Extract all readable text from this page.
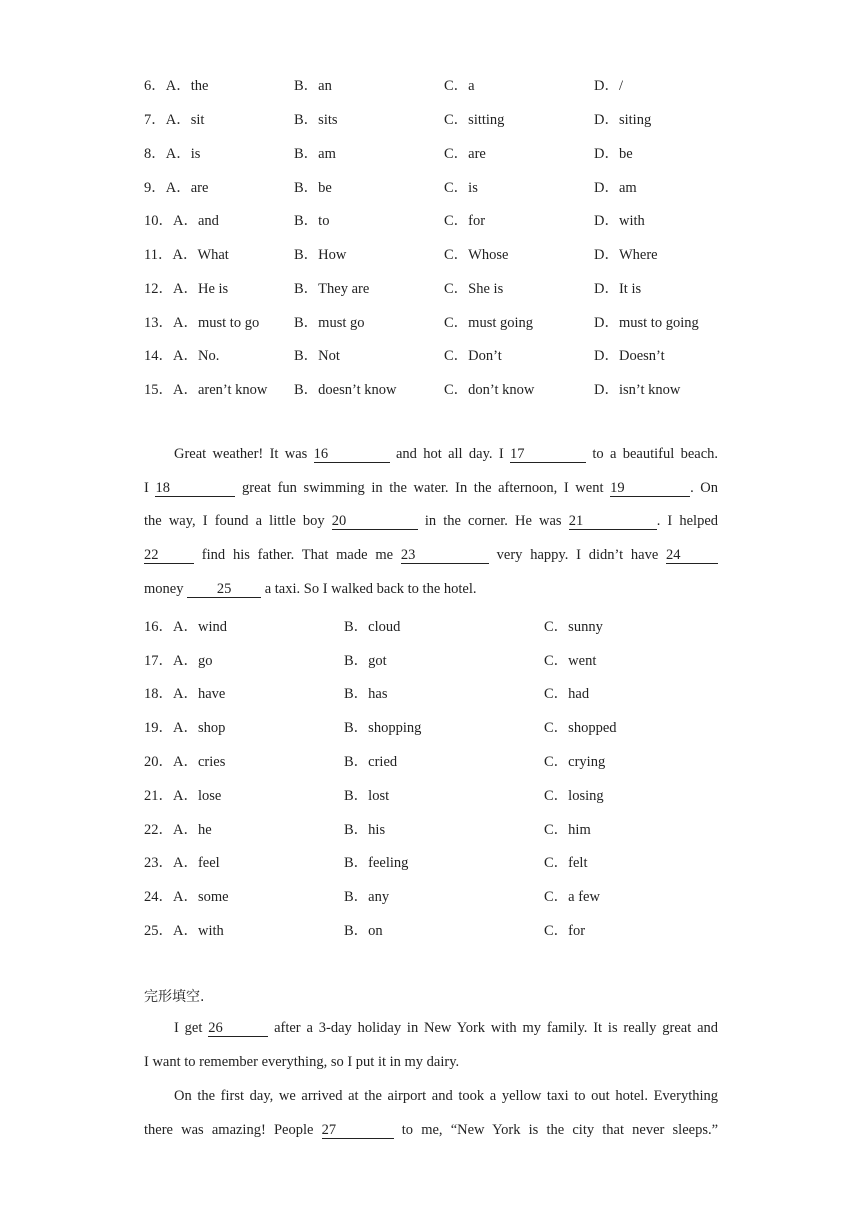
6．A．the	B．an	C．a	D．/
7．A．sit	B．sits	C．sitting	D．siting
8．A．is	B．am	C．are	D．be
9．A．are	B．be	C．is	D．am
10．A．and	B．to	C．for	D．with
11．A．What	B．How	C．Whose	D．Where
12．A．He is	B．They are	C．She is	D．It is
13．A．must to go B．must go	C．must going	D．must to going
14．A．No.	B．Not	C．Don’t	D．Doesn’t
15．A．aren’t know B．doesn’t know	C．don’t know	D．isn’t know
Great weather! It was 16	and hot all day. I 17	to a beautiful beach.
I 18	great fun swimming in the water. In the afternoon, I went 19	. On
the way, I found a little boy 20	in the corner. He was 21	. I helped
22	find his father. That made me 23	very happy. I didn’t have 24
money 25 a taxi. So I walked back to the hotel.
16．A．wind	B．cloud	C．sunny
17．A．go	B．got	C．went
18．A．have	B．has	C．had
19．A．shop	B．shopping	C．shopped
20．A．cries	B．cried	C．crying
21．A．lose	B．lost	C．losing
22．A．he	B．his	C．him
23．A．feel	B．feeling	C．felt
24．A．some	B．any	C．a few
25．A．with	B．on	C．for
完形填空.
I get 26	after a 3-day holiday in New York with my family. It is really great and
I want to remember everything, so I put it in my dairy.
On the first day, we arrived at the airport and took a yellow taxi to out hotel. Everything
there was amazing! People 27	to me, “New York is the city that never sleeps.”
